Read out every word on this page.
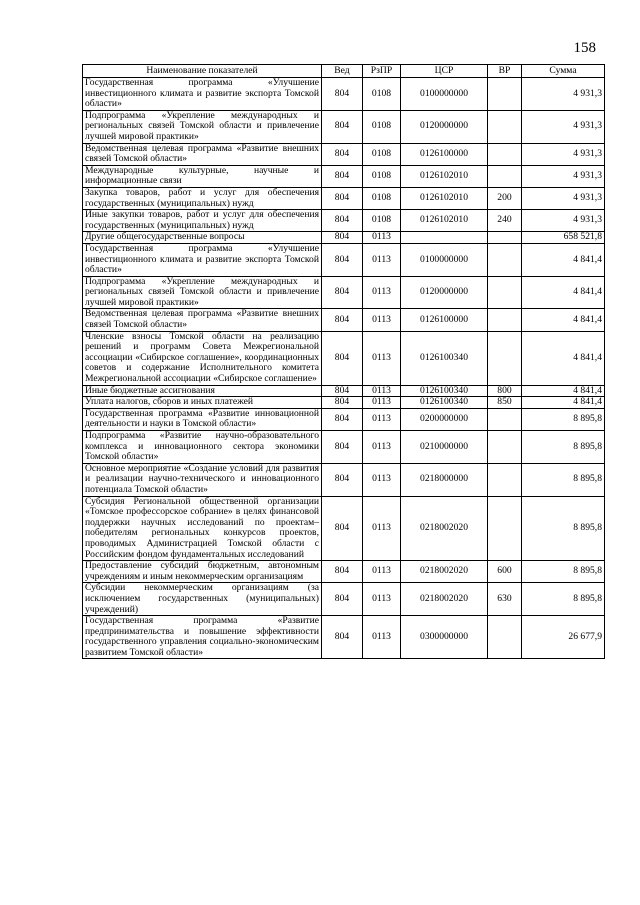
158
Наименование показателей	Вед	РзПР	ЦСР	ВР	Сумма
Государственная программа «Улучшение инвестиционного климата и развитие экспорта Томской области»	804	0108	0100000000		4 931,3
Подпрограмма «Укрепление международных и региональных связей Томской области и привлечение лучшей мировой практики»	804	0108	0120000000		4 931,3
Ведомственная целевая программа «Развитие внешних связей Томской области»	804	0108	0126100000		4 931,3
Международные культурные, научные и информационные связи	804	0108	0126102010		4 931,3
Закупка товаров, работ и услуг для обеспечения государственных (муниципальных) нужд	804	0108	0126102010	200	4 931,3
Иные закупки товаров, работ и услуг для обеспечения государственных (муниципальных) нужд	804	0108	0126102010	240	4 931,3
Другие общегосударственные вопросы	804	0113			658 521,8
Государственная программа «Улучшение инвестиционного климата и развитие экспорта Томской области»	804	0113	0100000000		4 841,4
Подпрограмма «Укрепление международных и региональных связей Томской области и привлечение лучшей мировой практики»	804	0113	0120000000		4 841,4
Ведомственная целевая программа «Развитие внешних связей Томской области»	804	0113	0126100000		4 841,4
Членские взносы Томской области на реализацию решений и программ Совета Межрегиональной ассоциации «Сибирское соглашение», координационных советов и содержание Исполнительного комитета Межрегиональной ассоциации «Сибирское соглашение»	804	0113	0126100340		4 841,4
Иные бюджетные ассигнования	804	0113	0126100340	800	4 841,4
Уплата налогов, сборов и иных платежей	804	0113	0126100340	850	4 841,4
Государственная программа «Развитие инновационной деятельности и науки в Томской области»	804	0113	0200000000		8 895,8
Подпрограмма «Развитие научно-образовательного комплекса и инновационного сектора экономики Томской области»	804	0113	0210000000		8 895,8
Основное мероприятие «Создание условий для развития и реализации научно-технического и инновационного потенциала Томской области»	804	0113	0218000000		8 895,8
Субсидия Региональной общественной организации «Томское профессорское собрание» в целях финансовой поддержки научных исследований по проектам–победителям региональных конкурсов проектов, проводимых Администрацией Томской области с Российским фондом фундаментальных исследований	804	0113	0218002020		8 895,8
Предоставление субсидий бюджетным, автономным учреждениям и иным некоммерческим организациям	804	0113	0218002020	600	8 895,8
Субсидии некоммерческим организациям (за исключением государственных (муниципальных) учреждений)	804	0113	0218002020	630	8 895,8
Государственная программа «Развитие предпринимательства и повышение эффективности государственного управления социально-экономическим развитием Томской области»	804	0113	0300000000		26 677,9
